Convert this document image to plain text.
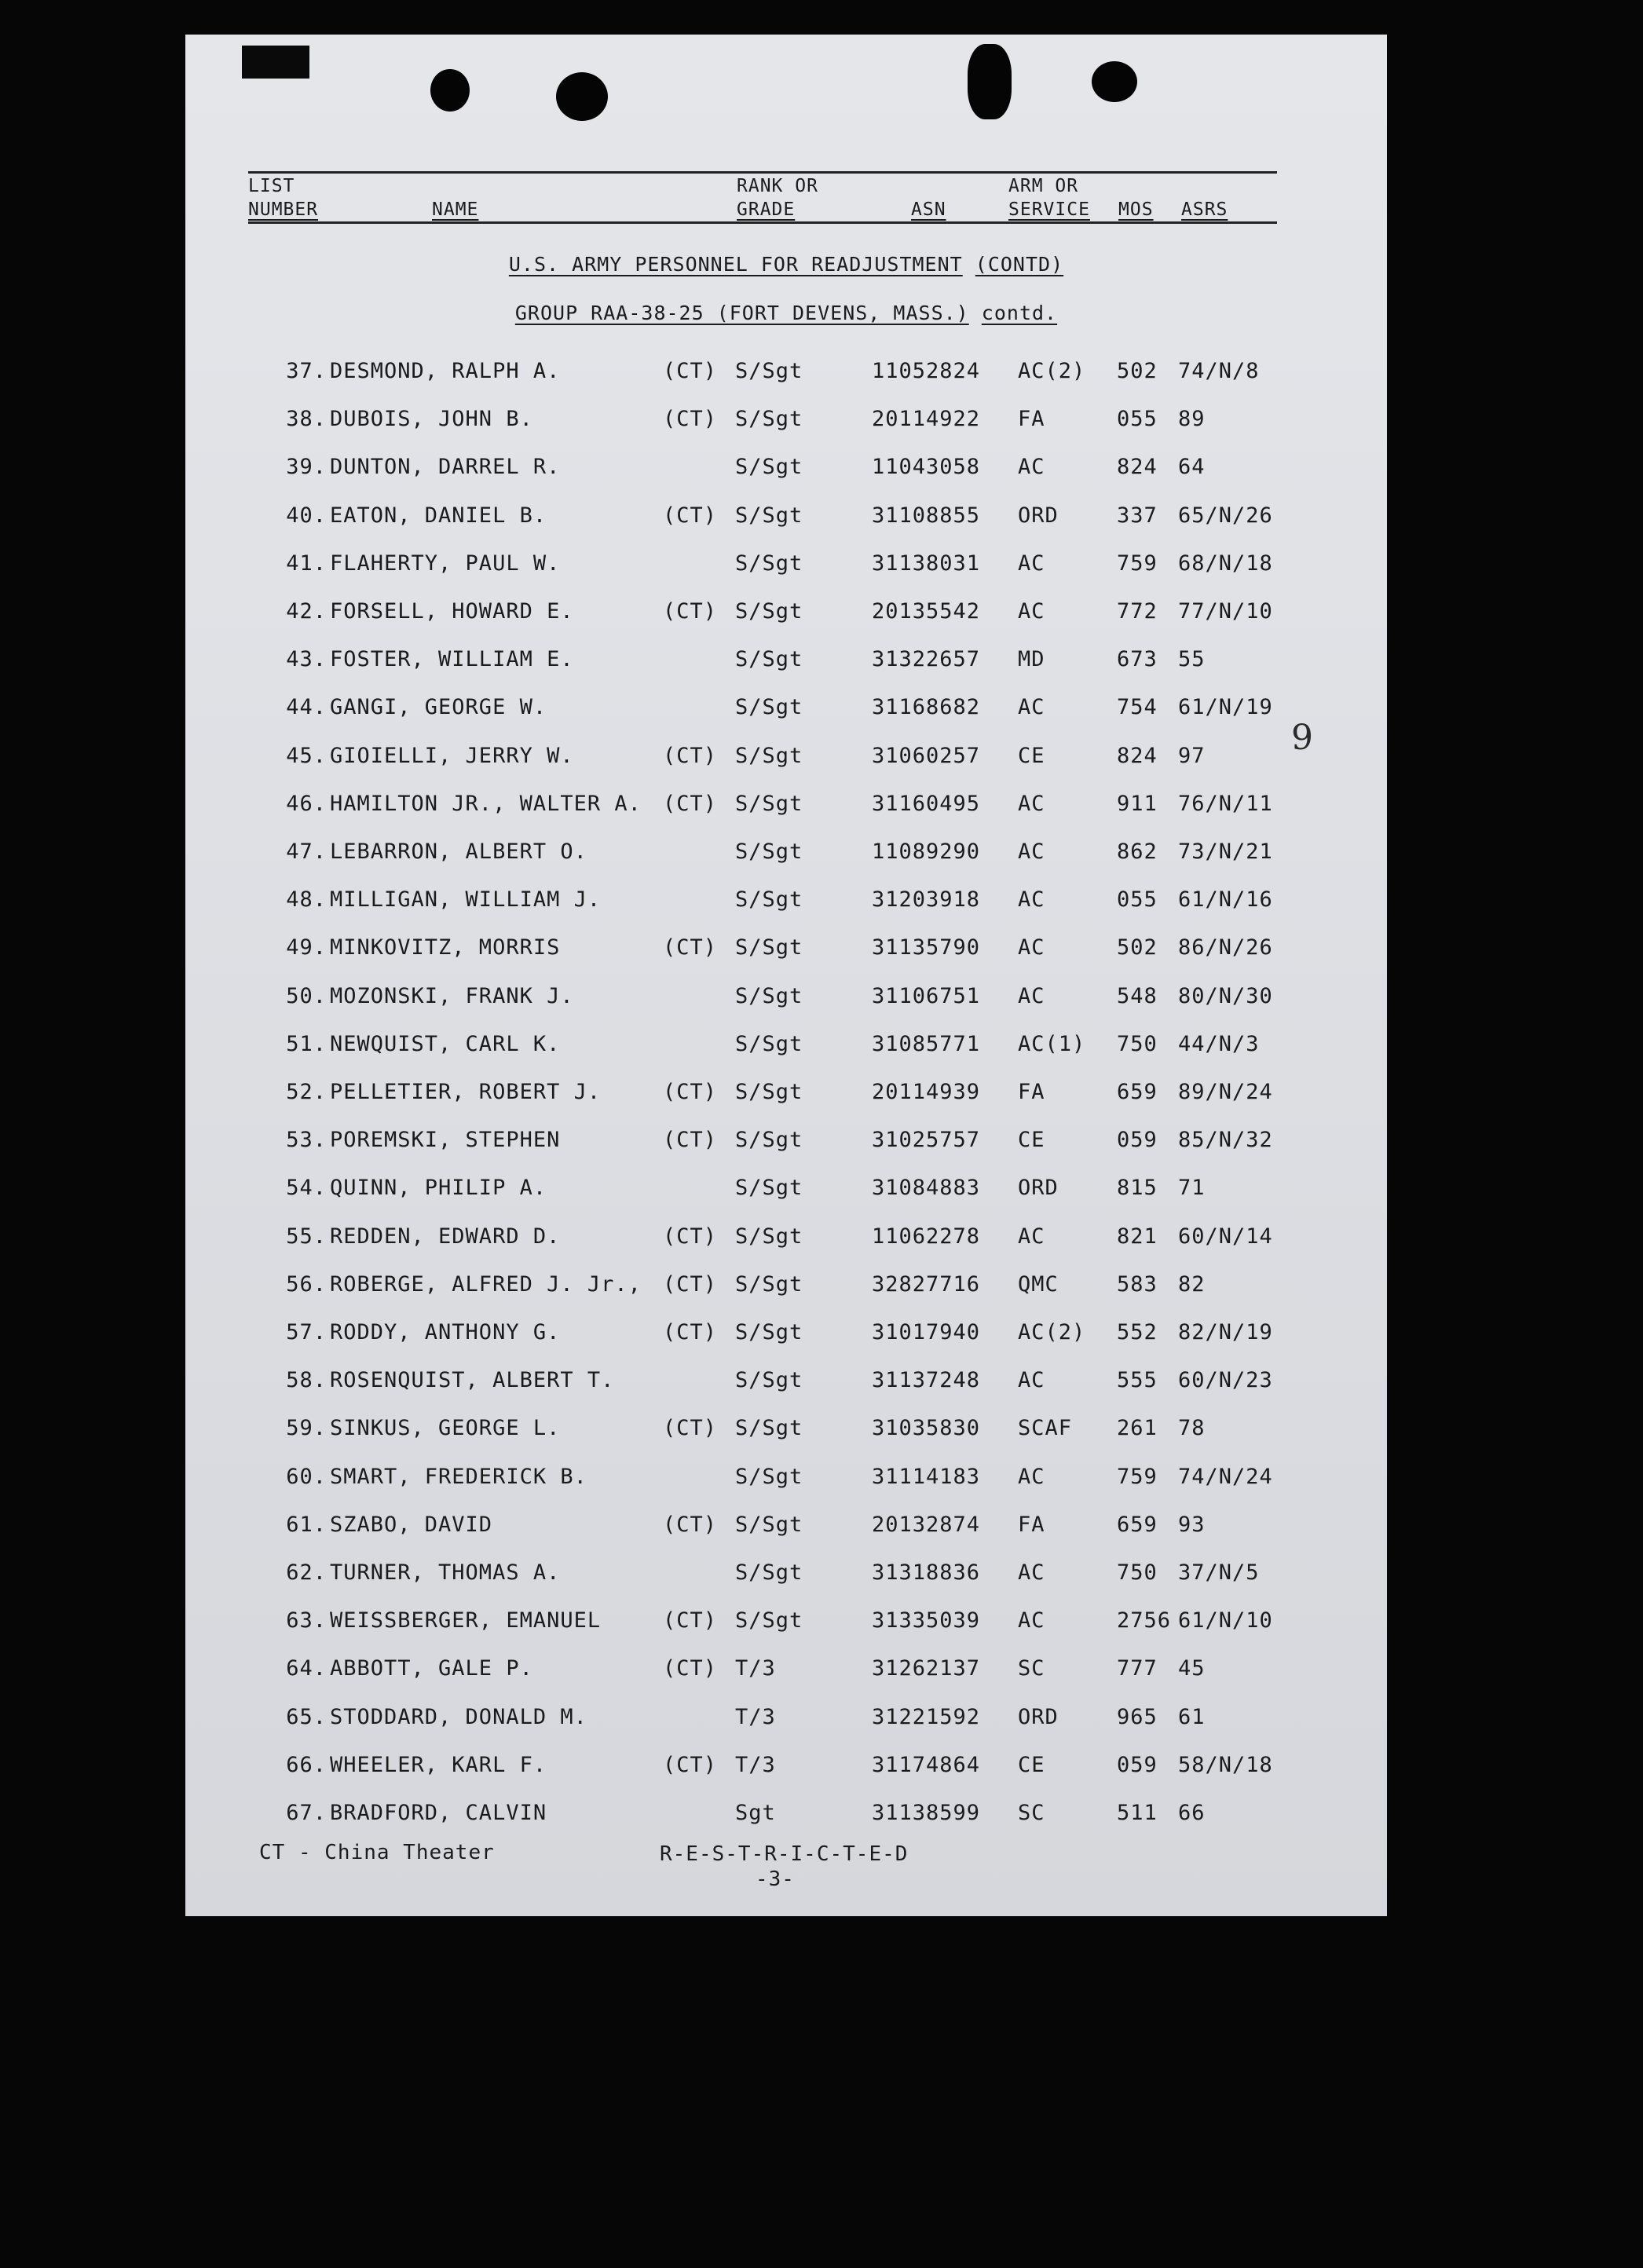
LIST
NUMBER	NAME
RANK OR
GRADE	ASN
ARM OR
SERVICE MOS ASRS
U.S. ARMY PERSONNEL FOR READJUSTMENT (CONTD)
GROUP RAA-38-25 (FORT DEVENS, MASS.) contd.
37. DESMOND, RALPH A.	(CT) S/Sgt	11052824 AC(2) 502 74/N/8
38. DUBOIS, JOHN B.	(CT) S/Sgt	20114922 FA	055 89
39. DUNTON, DARREL R.	S/Sgt	11043058 AC	824 64
40. EATON, DANIEL B.	(CT) S/Sgt	31108855 ORD	337 65/N/26
41. FLAHERTY, PAUL W.	S/Sgt	31138031 AC	759 68/N/18
42. FORSELL, HOWARD E.	(CT) S/Sgt	20135542 AC	772 77/N/10
43. FOSTER, WILLIAM E.	S/Sgt	31322657 MD	673 55
44. GANGI, GEORGE W.	S/Sgt	31168682 AC	754 61/N/19
45. GIOIELLI, JERRY W.	(CT) S/Sgt	31060257 CE	824 97
46. HAMILTON JR., WALTER A. (CT) S/Sgt	31160495 AC	911 76/N/11
47. LEBARRON, ALBERT O.	S/Sgt	11089290 AC	862 73/N/21
48. MILLIGAN, WILLIAM J.	S/Sgt	31203918 AC	055 61/N/16
49. MINKOVITZ, MORRIS	(CT) S/Sgt	31135790 AC	502 86/N/26
50. MOZONSKI, FRANK J.	S/Sgt	31106751 AC	548 80/N/30
51. NEWQUIST, CARL K.	S/Sgt	31085771 AC(1) 750 44/N/3
52. PELLETIER, ROBERT J.	(CT) S/Sgt	20114939 FA	659 89/N/24
53. POREMSKI, STEPHEN	(CT) S/Sgt	31025757 CE	059 85/N/32
54. QUINN, PHILIP A.	S/Sgt	31084883 ORD	815 71
55. REDDEN, EDWARD D.	(CT) S/Sgt	11062278 AC	821 60/N/14
56. ROBERGE, ALFRED J. Jr., (CT) S/Sgt	32827716 QMC	583 82
57. RODDY, ANTHONY G.	(CT) S/Sgt	31017940 AC(2) 552 82/N/19
58. ROSENQUIST, ALBERT T.	S/Sgt	31137248 AC	555 60/N/23
59. SINKUS, GEORGE L.	(CT) S/Sgt	31035830 SCAF 261 78
60. SMART, FREDERICK B.	S/Sgt	31114183 AC	759 74/N/24
61. SZABO, DAVID	(CT) S/Sgt	20132874 FA	659 93
62. TURNER, THOMAS A.	S/Sgt	31318836 AC	750 37/N/5
63. WEISSBERGER, EMANUEL	(CT) S/Sgt	31335039 AC	2756 61/N/10
64. ABBOTT, GALE P.	(CT) T/3	31262137 SC	777 45
65. STODDARD, DONALD M.	T/3	31221592 ORD	965 61
66. WHEELER, KARL F.	(CT) T/3	31174864 CE	059 58/N/18
67. BRADFORD, CALVIN	Sgt	31138599 SC	511 66
CT - China Theater	R-E-S-T-R-I-C-T-E-D
-3-
9
